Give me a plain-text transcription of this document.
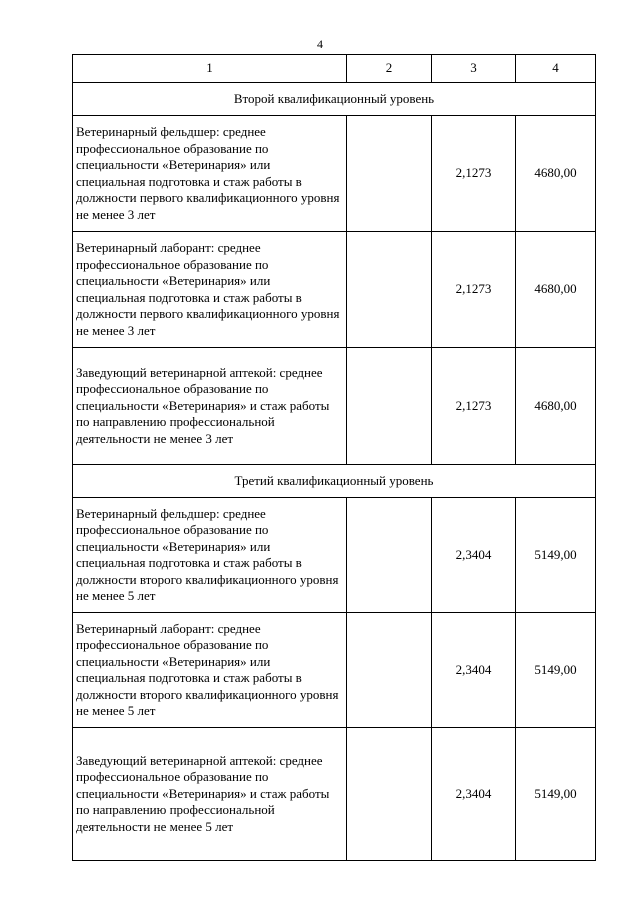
4
1	2	3	4
Второй квалификационный уровень			
Ветеринарный фельдшер: среднее профессиональное образование по специальности «Ветеринария» или специальная подготовка и стаж работы в должности первого квалификационного уровня не менее 3 лет		2,1273	4680,00
Ветеринарный лаборант: среднее профессиональное образование по специальности «Ветеринария» или специальная подготовка и стаж работы в должности первого квалификационного уровня не менее 3 лет		2,1273	4680,00
Заведующий ветеринарной аптекой: среднее профессиональное образование по специальности «Ветеринария» и стаж работы по направлению профессиональной деятельности не менее 3 лет		2,1273	4680,00
Третий квалификационный уровень			
Ветеринарный фельдшер: среднее профессиональное образование по специальности «Ветеринария» или специальная подготовка и стаж работы в должности второго квалификационного уровня не менее 5 лет		2,3404	5149,00
Ветеринарный лаборант: среднее профессиональное образование по специальности «Ветеринария» или специальная подготовка и стаж работы в должности второго квалификационного уровня не менее 5 лет		2,3404	5149,00
Заведующий ветеринарной аптекой: среднее профессиональное образование по специальности «Ветеринария» и стаж работы по направлению профессиональной деятельности не менее 5 лет		2,3404	5149,00
